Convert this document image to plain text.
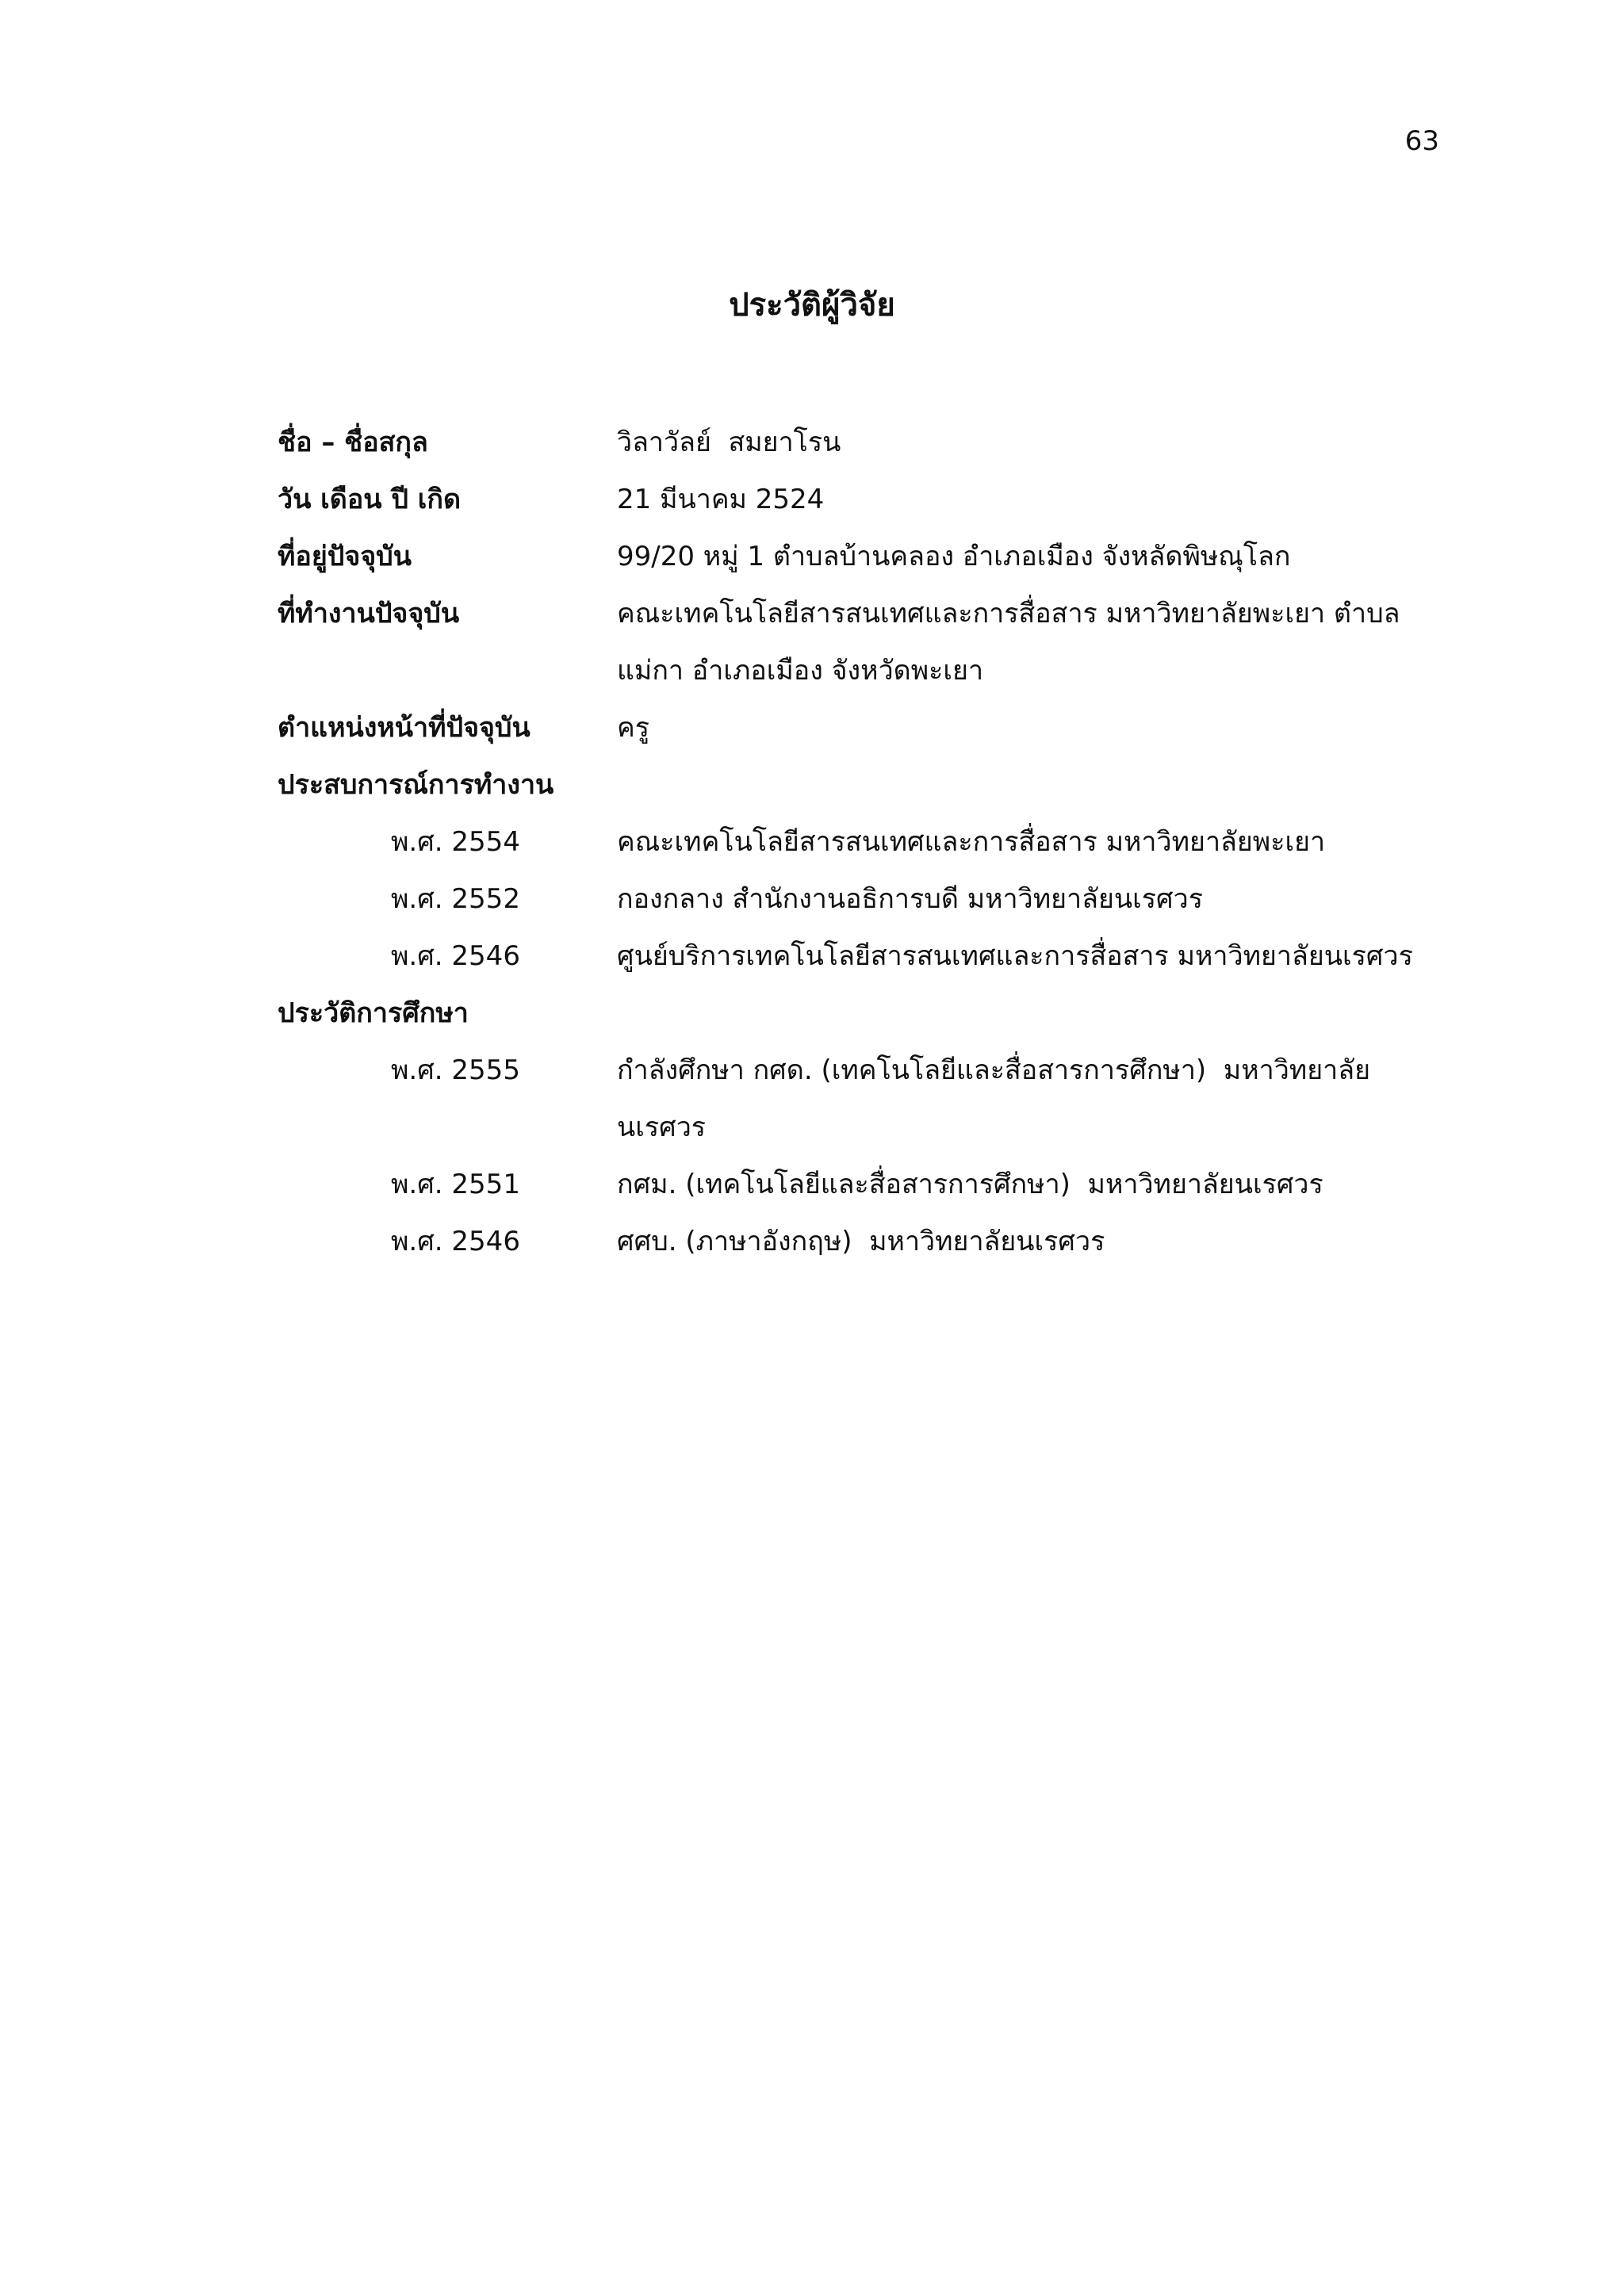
63
ประวัติผู้วิจัย
ชื่อ – ชื่อสกุล	วิลาวัลย์  สมยาโรน
วัน เดือน ปี เกิด	21 มีนาคม 2524
ที่อยู่ปัจจุบัน	99/20 หมู่ 1 ตำบลบ้านคลอง อำเภอเมือง จังหลัดพิษณุโลก
ที่ทำงานปัจจุบัน	คณะเทคโนโลยีสารสนเทศและการสื่อสาร มหาวิทยาลัยพะเยา ตำบล
แม่กา อำเภอเมือง จังหวัดพะเยา
ตำแหน่งหน้าที่ปัจจุบัน	ครู
ประสบการณ์การทำงาน
พ.ศ. 2554	คณะเทคโนโลยีสารสนเทศและการสื่อสาร มหาวิทยาลัยพะเยา
พ.ศ. 2552	กองกลาง สำนักงานอธิการบดี มหาวิทยาลัยนเรศวร
พ.ศ. 2546	ศูนย์บริการเทคโนโลยีสารสนเทศและการสื่อสาร มหาวิทยาลัยนเรศวร
ประวัติการศึกษา
พ.ศ. 2555	กำลังศึกษา กศด. (เทคโนโลยีและสื่อสารการศึกษา)  มหาวิทยาลัย
นเรศวร
พ.ศ. 2551	กศม. (เทคโนโลยีและสื่อสารการศึกษา)  มหาวิทยาลัยนเรศวร
พ.ศ. 2546	ศศบ. (ภาษาอังกฤษ)  มหาวิทยาลัยนเรศวร
